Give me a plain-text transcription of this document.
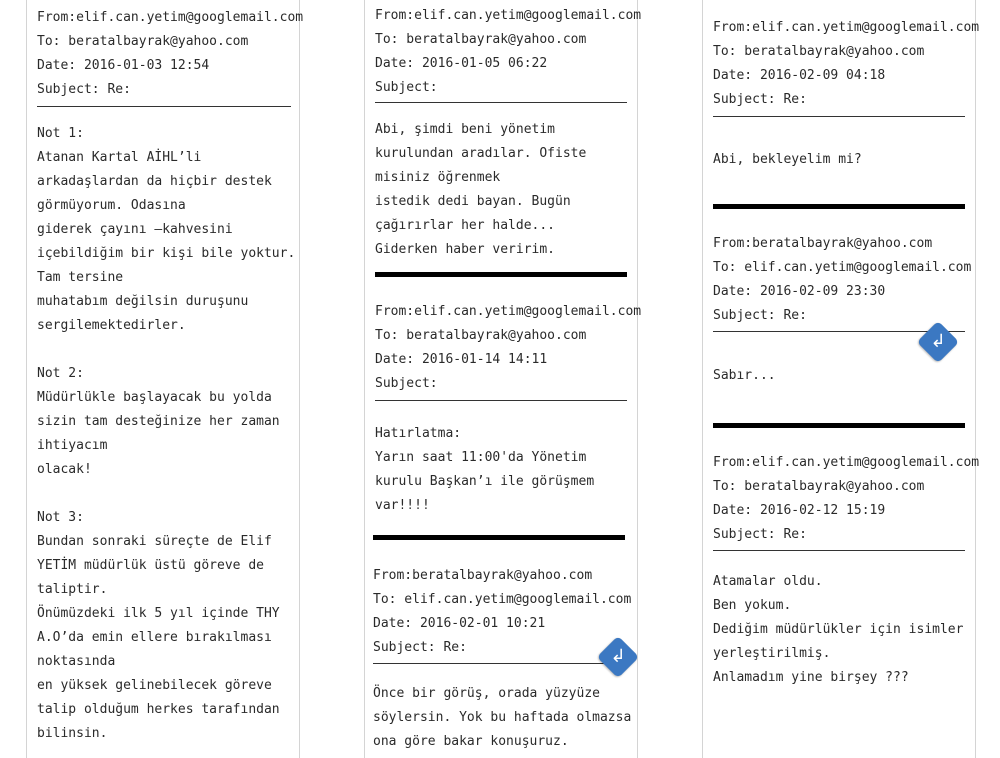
From:elif.can.yetim@googlemail.com
To: beratalbayrak@yahoo.com
Date: 2016-01-03 12:54
Subject: Re:
Not 1:
Atanan Kartal AİHL’li
arkadaşlardan da hiçbir destek
görmüyorum. Odasına
giderek çayını –kahvesini
içebildiğim bir kişi bile yoktur.
Tam tersine
muhatabım değilsin duruşunu
sergilemektedirler.

Not 2:
Müdürlükle başlayacak bu yolda
sizin tam desteğinize her zaman
ihtiyacım
olacak!

Not 3:
Bundan sonraki süreçte de Elif
YETİM müdürlük üstü göreve de
taliptir.
Önümüzdeki ilk 5 yıl içinde THY
A.O’da emin ellere bırakılması
noktasında
en yüksek gelinebilecek göreve
talip olduğum herkes tarafından
bilinsin.
From:elif.can.yetim@googlemail.com
To: beratalbayrak@yahoo.com
Date: 2016-01-05 06:22
Subject:
Abi, şimdi beni yönetim
kurulundan aradılar. Ofiste
misiniz öğrenmek
istedik dedi bayan. Bugün
çağırırlar her halde...
Giderken haber veririm.
From:elif.can.yetim@googlemail.com
To: beratalbayrak@yahoo.com
Date: 2016-01-14 14:11
Subject:
Hatırlatma:
Yarın saat 11:00'da Yönetim
kurulu Başkan’ı ile görüşmem
var!!!!
From:beratalbayrak@yahoo.com
To: elif.can.yetim@googlemail.com
Date: 2016-02-01 10:21
Subject: Re:	↲
Önce bir görüş, orada yüzyüze
söylersin. Yok bu haftada olmazsa
ona göre bakar konuşuruz.
From:elif.can.yetim@googlemail.com
To: beratalbayrak@yahoo.com
Date: 2016-02-09 04:18
Subject: Re:
Abi, bekleyelim mi?
From:beratalbayrak@yahoo.com
To: elif.can.yetim@googlemail.com
Date: 2016-02-09 23:30
Subject: Re:
↲
Sabır...
From:elif.can.yetim@googlemail.com
To: beratalbayrak@yahoo.com
Date: 2016-02-12 15:19
Subject: Re:
Atamalar oldu.
Ben yokum.
Dediğim müdürlükler için isimler
yerleştirilmiş.
Anlamadım yine birşey ???
